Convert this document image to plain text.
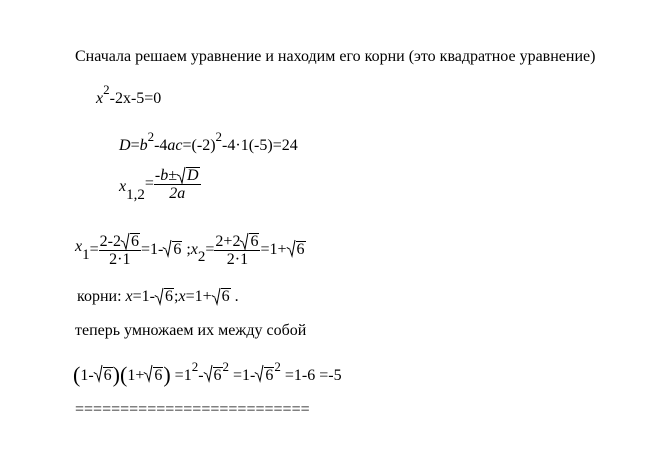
Сначала решаем уравнение и находим его корни (это квадратное уравнение)
$x^2-2x-5=0$
$D=b^2-4ac=(-2)^2-4\cdot 1(-5)=24$
$x1,2= \frac{-b\pm D}{2a}$
$x1= \frac{2-2 6}{2\cdot 1} =1-$ 6 ;x2= $\frac{2+2 6}{2\cdot 1} =1+ 6$
корни: x=1- 6;x=1+ 6 .
теперь умножаем их между собой
(1- $6)(1+ 6) =1^2-$ $6^2 =1-$ $6^2 =1-6 =-5$
==========================
